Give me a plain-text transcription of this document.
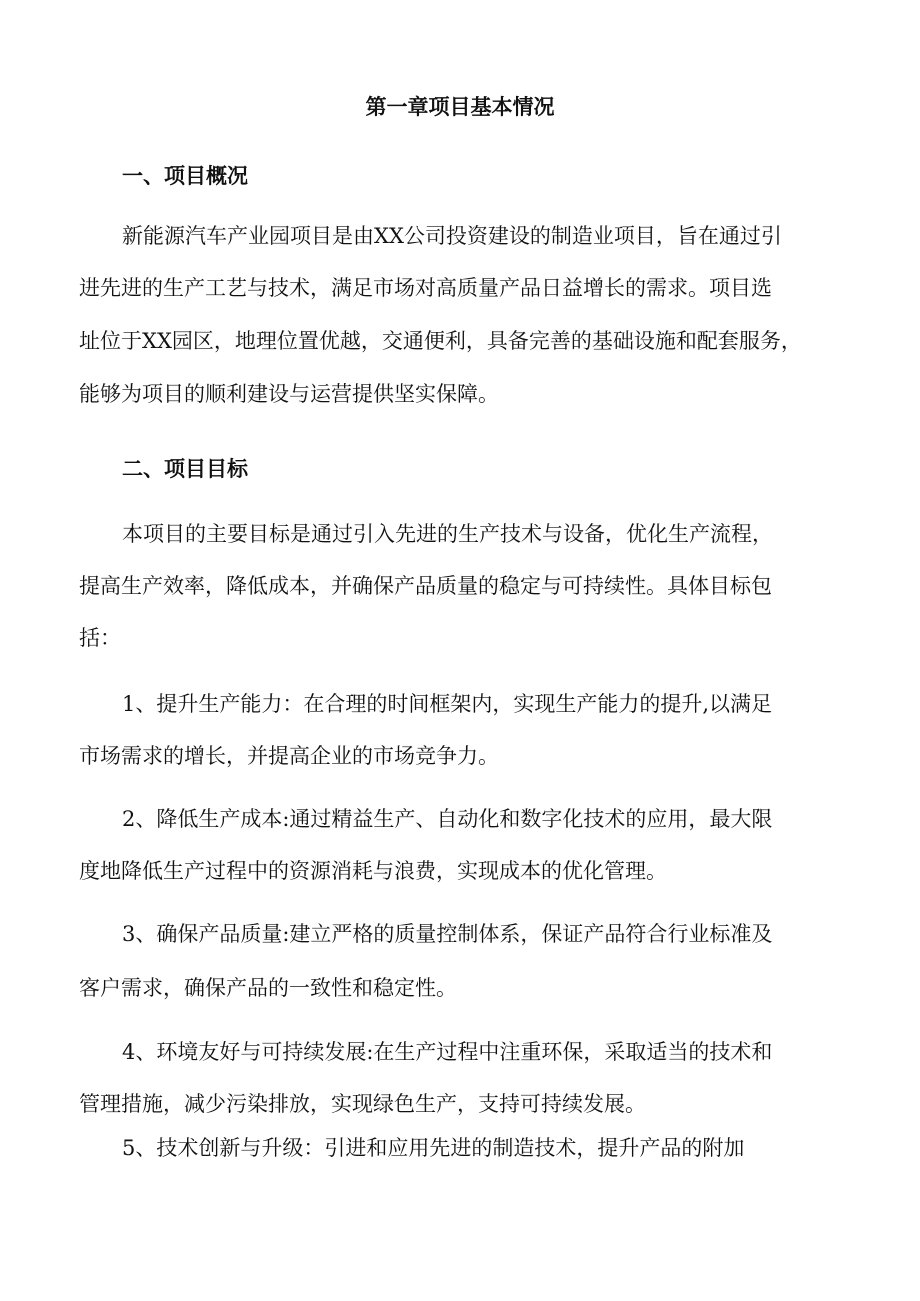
第一章项目基本情况
一、项目概况
新能源汽车产业园项目是由XX公司投资建设的制造业项目，旨在通过引
进先进的生产工艺与技术，满足市场对高质量产品日益增长的需求。项目选
址位于XX园区，地理位置优越，交通便利，具备完善的基础设施和配套服务，
能够为项目的顺利建设与运营提供坚实保障。
二、项目目标
本项目的主要目标是通过引入先进的生产技术与设备，优化生产流程，
提高生产效率，降低成本，并确保产品质量的稳定与可持续性。具体目标包
括：
1、提升生产能力：在合理的时间框架内，实现生产能力的提升,以满足
市场需求的增长，并提高企业的市场竞争力。
2、降低生产成本:通过精益生产、自动化和数字化技术的应用，最大限
度地降低生产过程中的资源消耗与浪费，实现成本的优化管理。
3、确保产品质量:建立严格的质量控制体系，保证产品符合行业标准及
客户需求，确保产品的一致性和稳定性。
4、环境友好与可持续发展:在生产过程中注重环保，采取适当的技术和
管理措施，减少污染排放，实现绿色生产，支持可持续发展。
5、技术创新与升级：引进和应用先进的制造技术，提升产品的附加
